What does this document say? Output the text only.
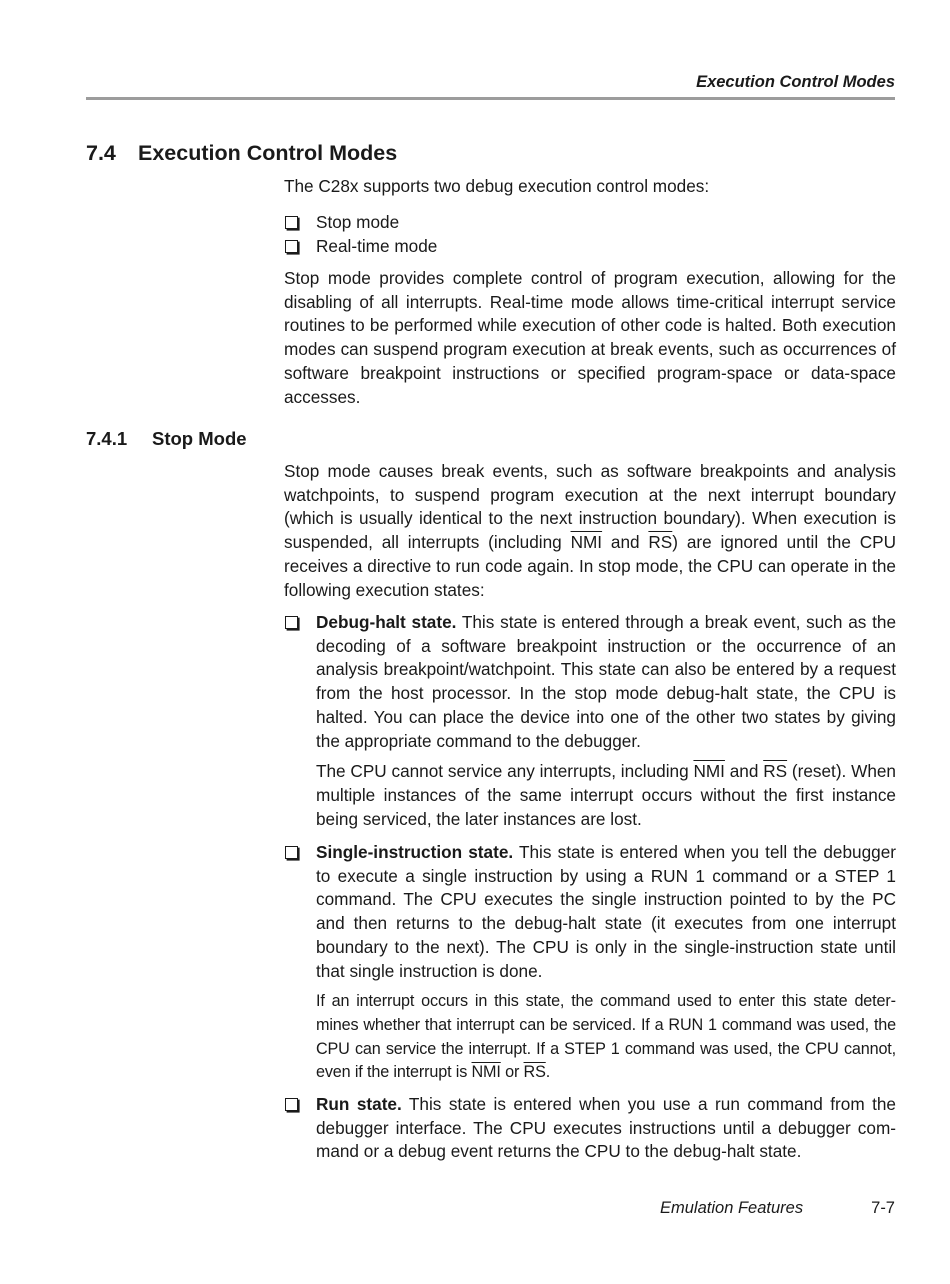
Execution Control Modes
7.4 Execution Control Modes

The C28x supports two debug execution control modes:

Stop mode
Real-time mode

Stop mode provides complete control of program execution, allowing for the disabling of all interrupts. Real-time mode allows time-critical interrupt service routines to be performed while execution of other code is halted. Both execution modes can suspend program execution at break events, such as occurrences of software breakpoint instructions or specified program-space or data-space accesses.

7.4.1 Stop Mode

Stop mode causes break events, such as software breakpoints and analysis watchpoints, to suspend program execution at the next interrupt boundary (which is usually identical to the next instruction boundary). When execution is suspended, all interrupts (including $\overline{NMI}$ and $\overline{RS}$) are ignored until the CPU receives a directive to run code again. In stop mode, the CPU can operate in the following execution states:

Debug-halt state. This state is entered through a break event, such as the decoding of a software breakpoint instruction or the occurrence of an analysis breakpoint/watchpoint. This state can also be entered by a request from the host processor. In the stop mode debug-halt state, the CPU is halted. You can place the device into one of the other two states by giving the appropriate command to the debugger.

The CPU cannot service any interrupts, including $\overline{NMI}$ and $\overline{RS}$ (reset). When multiple instances of the same interrupt occurs without the first instance being serviced, the later instances are lost.

Single-instruction state. This state is entered when you tell the debugger to execute a single instruction by using a RUN 1 command or a STEP 1 command. The CPU executes the single instruction pointed to by the PC and then returns to the debug-halt state (it executes from one interrupt boundary to the next). The CPU is only in the single-instruction state until that single instruction is done.

If an interrupt occurs in this state, the command used to enter this state determines whether that interrupt can be serviced. If a RUN 1 command was used, the CPU can service the interrupt. If a STEP 1 command was used, the CPU cannot, even if the interrupt is $\overline{NMI}$ or $\overline{RS}$.

Run state. This state is entered when you use a run command from the debugger interface. The CPU executes instructions until a debugger command or a debug event returns the CPU to the debug-halt state.

Emulation Features	7-7
